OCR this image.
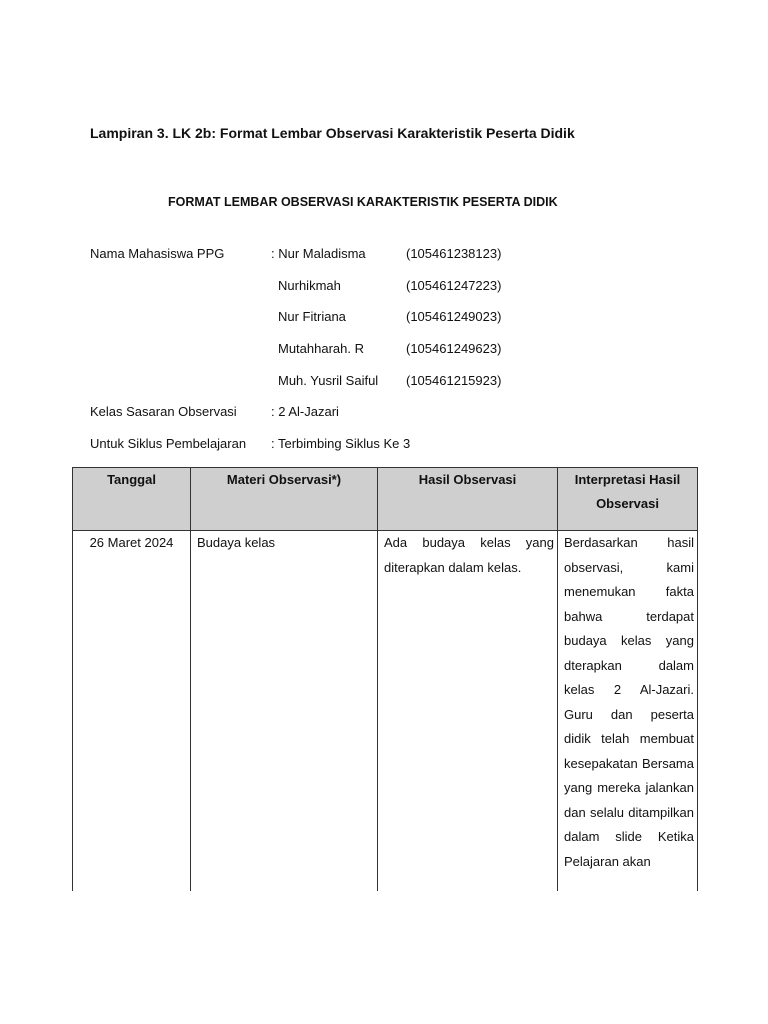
Lampiran 3. LK 2b: Format Lembar Observasi Karakteristik Peserta Didik
FORMAT LEMBAR OBSERVASI KARAKTERISTIK PESERTA DIDIK
Nama Mahasiswa PPG	: Nur Maladisma	(105461238123)
Nurhikmah	(105461247223)
Nur Fitriana	(105461249023)
Mutahharah. R	(105461249623)
Muh. Yusril Saiful (105461215923)
Kelas Sasaran Observasi	: 2 Al-Jazari
Untuk Siklus Pembelajaran : Terbimbing Siklus Ke 3
Tanggal	Materi Observasi*)	Hasil Observasi	Interpretasi Hasil Observasi
26 Maret 2024	Budaya kelas	Ada budaya kelas yang diterapkan dalam kelas.	Berdasarkan hasil observasi, kami menemukan fakta bahwa terdapat budaya kelas yang dterapkan dalam kelas 2 Al-Jazari. Guru dan peserta didik telah membuat kesepakatan Bersama yang mereka jalankan dan selalu ditampilkan dalam slide Ketika Pelajaran akan
